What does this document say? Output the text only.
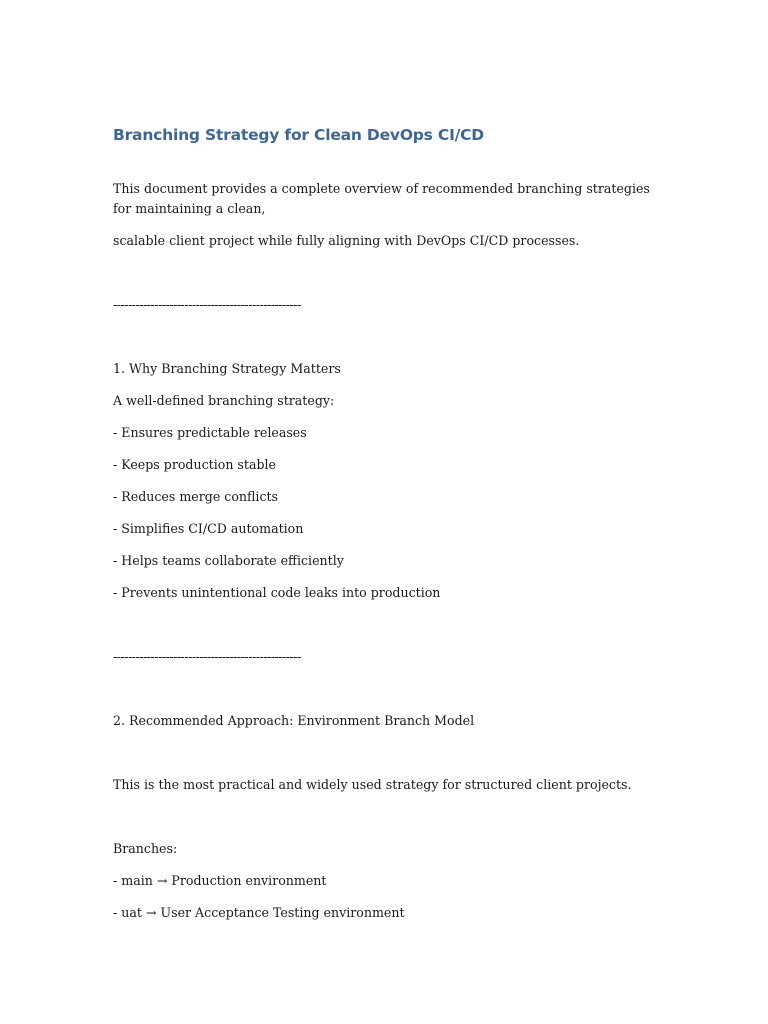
Branching Strategy for Clean DevOps CI/CD

This document provides a complete overview of recommended branching strategies for maintaining a clean,

scalable client project while fully aligning with DevOps CI/CD processes.

--------------------------------------------------

1. Why Branching Strategy Matters

A well-defined branching strategy:

- Ensures predictable releases

- Keeps production stable

- Reduces merge conflicts

- Simplifies CI/CD automation

- Helps teams collaborate efficiently

- Prevents unintentional code leaks into production

--------------------------------------------------

2. Recommended Approach: Environment Branch Model

This is the most practical and widely used strategy for structured client projects.

Branches:

- main → Production environment

- uat → User Acceptance Testing environment
